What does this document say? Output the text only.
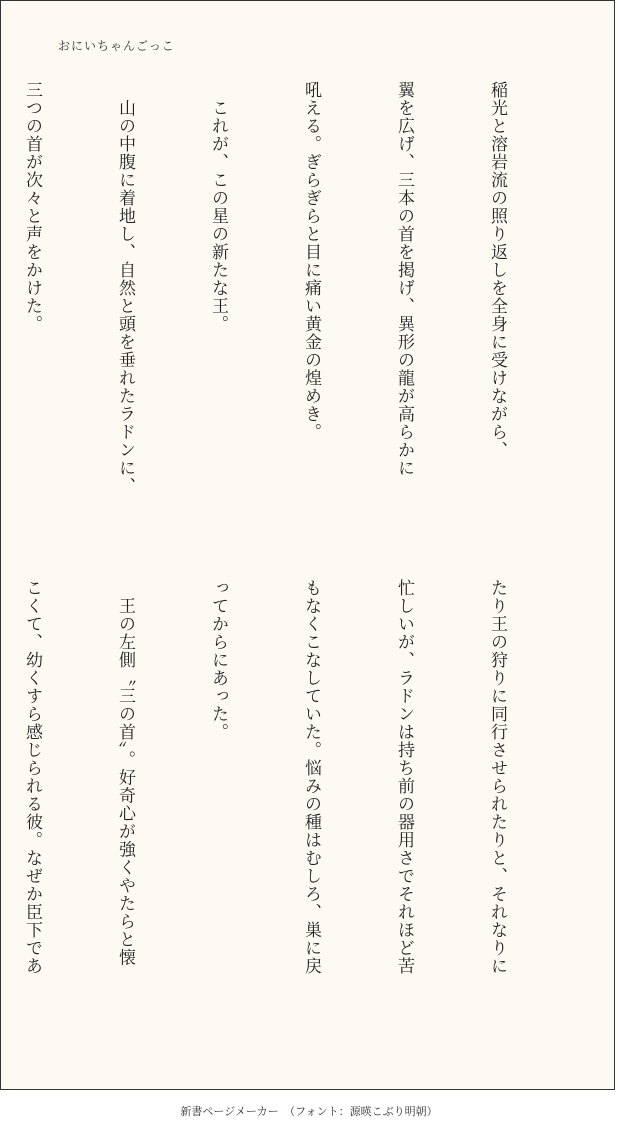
おにいちゃんごっこ

稲光と溶岩流の照り返しを全身に受けながら、

翼を広げ、三本の首を掲げ、異形の龍が高らかに

吼える。ぎらぎらと目に痛い黄金の煌めき。

　これが、この星の新たな王。

　山の中腹に着地し、自然と頭を垂れたラドンに、

三つの首が次々と声をかけた。

たり王の狩りに同行させられたりと、それなりに

忙しいが、ラドンは持ち前の器用さでそれほど苦

もなくこなしていた。悩みの種はむしろ、巣に戻

ってからにあった。

　王の左側〝三の首〟。好奇心が強くやたらと懐

こくて、幼くすら感じられる彼。なぜか臣下であ

新書ページメーカー　（フォント：源暎こぶり明朝）
